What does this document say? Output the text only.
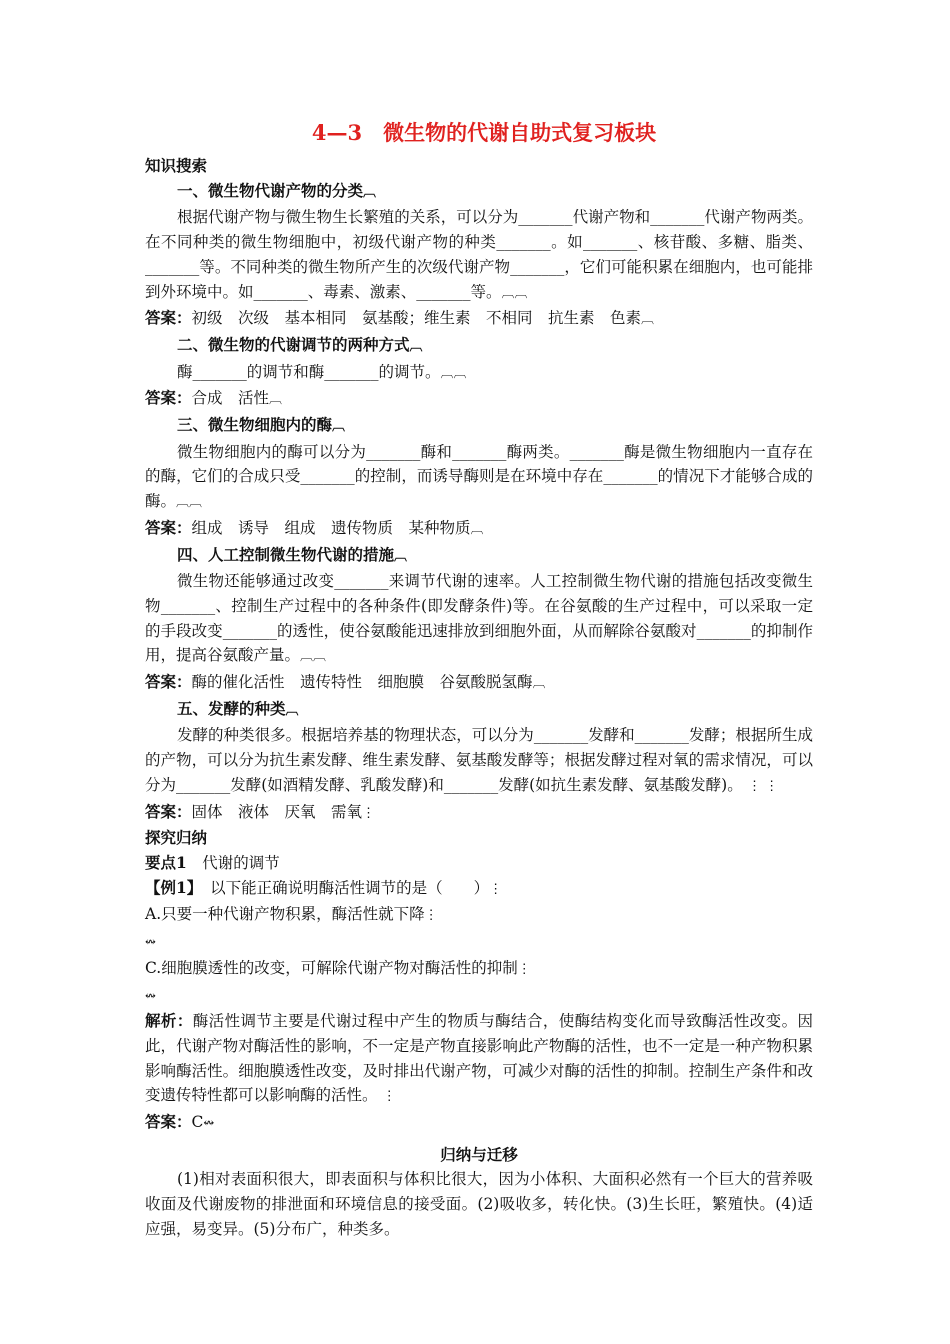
4—3　微生物的代谢自助式复习板块

知识搜索

一、微生物代谢产物的分类︹

根据代谢产物与微生物生长繁殖的关系，可以分为_______代谢产物和_______代谢产物两类。在不同种类的微生物细胞中，初级代谢产物的种类_______。如_______、核苷酸、多糖、脂类、_______等。不同种类的微生物所产生的次级代谢产物_______，它们可能积累在细胞内，也可能排到外环境中。如_______、毒素、激素、_______等。︹︹

答案：初级　次级　基本相同　氨基酸；维生素　不相同　抗生素　色素︹

二、微生物的代谢调节的两种方式︹

酶_______的调节和酶_______的调节。︹︹

答案：合成　活性︹

三、微生物细胞内的酶︹

微生物细胞内的酶可以分为_______酶和_______酶两类。_______酶是微生物细胞内一直存在的酶，它们的合成只受_______的控制，而诱导酶则是在环境中存在_______的情况下才能够合成的酶。︹︹

答案：组成　诱导　组成　遗传物质　某种物质︹

四、人工控制微生物代谢的措施︹

微生物还能够通过改变_______来调节代谢的速率。人工控制微生物代谢的措施包括改变微生物_______、控制生产过程中的各种条件(即发酵条件)等。在谷氨酸的生产过程中，可以采取一定的手段改变_______的透性，使谷氨酸能迅速排放到细胞外面，从而解除谷氨酸对_______的抑制作用，提高谷氨酸产量。︹︹

答案：酶的催化活性　遗传特性　细胞膜　谷氨酸脱氢酶︹

五、发酵的种类︹

发酵的种类很多。根据培养基的物理状态，可以分为_______发酵和_______发酵；根据所生成的产物，可以分为抗生素发酵、维生素发酵、氨基酸发酵等；根据发酵过程对氧的需求情况，可以分为_______发酵(如酒精发酵、乳酸发酵)和_______发酵(如抗生素发酵、氨基酸发酵)。　⋮ ⋮

答案：固体　液体　厌氧　需氧⋮

探究归纳

要点1　代谢的调节

【例1】　 以下能正确说明酶活性调节的是（　　）⋮

A.只要一种代谢产物积累，酶活性就下降⋮

↭

C.细胞膜透性的改变，可解除代谢产物对酶活性的抑制⋮

↭

解析：酶活性调节主要是代谢过程中产生的物质与酶结合，使酶结构变化而导致酶活性改变。因此，代谢产物对酶活性的影响，不一定是产物直接影响此产物酶的活性，也不一定是一种产物积累影响酶活性。细胞膜透性改变，及时排出代谢产物，可减少对酶的活性的抑制。控制生产条件和改变遗传特性都可以影响酶的活性。　⋮

答案：C↭

归纳与迁移

(1)相对表面积很大，即表面积与体积比很大，因为小体积、大面积必然有一个巨大的营养吸收面及代谢废物的排泄面和环境信息的接受面。(2)吸收多，转化快。(3)生长旺，繁殖快。(4)适应强，易变异。(5)分布广，种类多。
